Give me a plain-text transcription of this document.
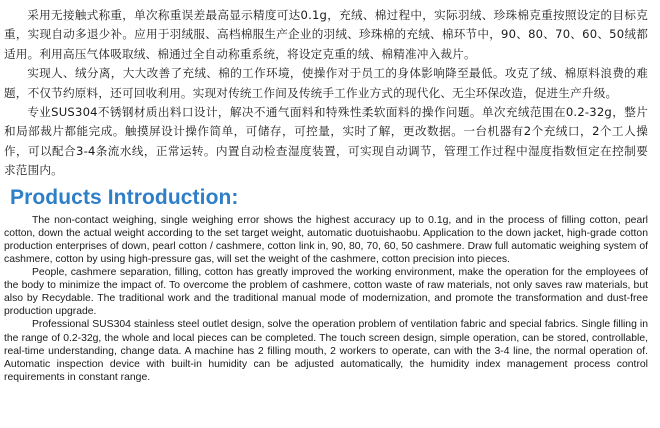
采用无接触式称重，单次称重误差最高显示精度可达0.1g，充绒、棉过程中，实际羽绒、珍珠棉克重按照设定的目标克重，实现自动多退少补。应用于羽绒服、高档棉服生产企业的羽绒、珍珠棉的充绒、棉环节中，90、80、70、60、50绒都适用。利用高压气体吸取绒、棉通过全自动称重系统，将设定克重的绒、棉精准冲入裁片。

实现人、绒分离，大大改善了充绒、棉的工作环境，使操作对于员工的身体影响降至最低。攻克了绒、棉原料浪费的难题，不仅节约原料，还可回收利用。实现对传统工作间及传统手工作业方式的现代化、无尘环保改造，促进生产升级。

专业SUS304不锈钢材质出料口设计，解决不通气面料和特殊性柔软面料的操作问题。单次充绒范围在0.2-32g，整片和局部裁片都能完成。触摸屏设计操作简单，可储存，可控量，实时了解，更改数据。一台机器有2个充绒口，2个工人操作，可以配合3-4条流水线，正常运转。内置自动检查湿度装置，可实现自动调节，管理工作过程中湿度指数恒定在控制要求范围内。

Products Introduction:

The non-contact weighing, single weighing error shows the highest accuracy up to 0.1g, and in the process of filling cotton, pearl cotton, down the actual weight according to the set target weight, automatic duotuishaobu. Application to the down jacket, high-grade cotton production enterprises of down, pearl cotton / cashmere, cotton link in, 90, 80, 70, 60, 50 cashmere. Draw full automatic weighing system of cashmere, cotton by using high-pressure gas, will set the weight of the cashmere, cotton precision into pieces.

People, cashmere separation, filling, cotton has greatly improved the working environment, make the operation for the employees of the body to minimize the impact of. To overcome the problem of cashmere, cotton waste of raw materials, not only saves raw materials, but also by Recydable. The traditional work and the traditional manual mode of modernization, and promote the transformation and dust-free production upgrade.

Professional SUS304 stainless steel outlet design, solve the operation problem of ventilation fabric and special fabrics. Single filling in the range of 0.2-32g, the whole and local pieces can be completed. The touch screen design, simple operation, can be stored, controllable, real-time understanding, change data. A machine has 2 filling mouth, 2 workers to operate, can with the 3-4 line, the normal operation of. Automatic inspection device with built-in humidity can be adjusted automatically, the humidity index management process control requirements in constant range.
